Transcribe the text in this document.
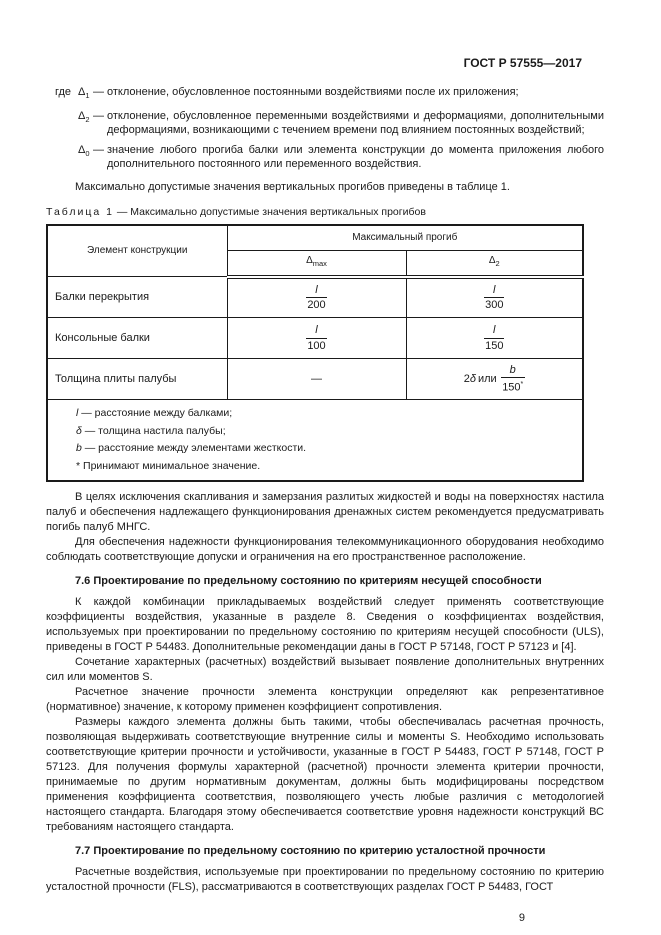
ГОСТ Р 57555—2017
где $\Delta_1$ — отклонение, обусловленное постоянными воздействиями после их приложения;
$\Delta_2$ — отклонение, обусловленное переменными воздействиями и деформациями, дополнительными деформациями, возникающими с течением времени под влиянием постоянных воздействий;
$\Delta_0$ — значение любого прогиба балки или элемента конструкции до момента приложения любого дополнительного постоянного или переменного воздействия.

Максимально допустимые значения вертикальных прогибов приведены в таблице 1.

Таблица 1 — Максимально допустимые значения вертикальных прогибов
Элемент конструкции	Максимальный прогиб	
	$\Delta_{max}$	$\Delta_2$
Балки перекрытия	$\frac{l}{200}$	$\frac{l}{300}$

Консольные балки	$\frac{l}{100}$	$\frac{l}{150}$

Толщина плиты палубы	—	2δ или $\frac{b}{150^*}$

l — расстояние между балками;
δ — толщина настила палубы;
b — расстояние между элементами жесткости.
* Принимают минимальное значение.		

В целях исключения скапливания и замерзания разлитых жидкостей и воды на поверхностях настила палуб и обеспечения надлежащего функционирования дренажных систем рекомендуется предусматривать погибь палуб МНГС.

Для обеспечения надежности функционирования телекоммуникационного оборудования необходимо соблюдать соответствующие допуски и ограничения на его пространственное расположение.

7.6 Проектирование по предельному состоянию по критериям несущей способности

К каждой комбинации прикладываемых воздействий следует применять соответствующие коэффициенты воздействия, указанные в разделе 8. Сведения о коэффициентах воздействия, используемых при проектировании по предельному состоянию по критериям несущей способности (ULS), приведены в ГОСТ Р 54483. Дополнительные рекомендации даны в ГОСТ Р 57148, ГОСТ Р 57123 и [4].

Сочетание характерных (расчетных) воздействий вызывает появление дополнительных внутренних сил или моментов S.

Расчетное значение прочности элемента конструкции определяют как репрезентативное (нормативное) значение, к которому применен коэффициент сопротивления.

Размеры каждого элемента должны быть такими, чтобы обеспечивалась расчетная прочность, позволяющая выдерживать соответствующие внутренние силы и моменты S. Необходимо использовать соответствующие критерии прочности и устойчивости, указанные в ГОСТ Р 54483, ГОСТ Р 57148, ГОСТ Р 57123. Для получения формулы характерной (расчетной) прочности элемента критерии прочности, принимаемые по другим нормативным документам, должны быть модифицированы посредством применения коэффициента соответствия, позволяющего учесть любые различия с методологией настоящего стандарта. Благодаря этому обеспечивается соответствие уровня надежности конструкций ВС требованиям настоящего стандарта.

7.7 Проектирование по предельному состоянию по критерию усталостной прочности

Расчетные воздействия, используемые при проектировании по предельному состоянию по критерию усталостной прочности (FLS), рассматриваются в соответствующих разделах ГОСТ Р 54483, ГОСТ

9
